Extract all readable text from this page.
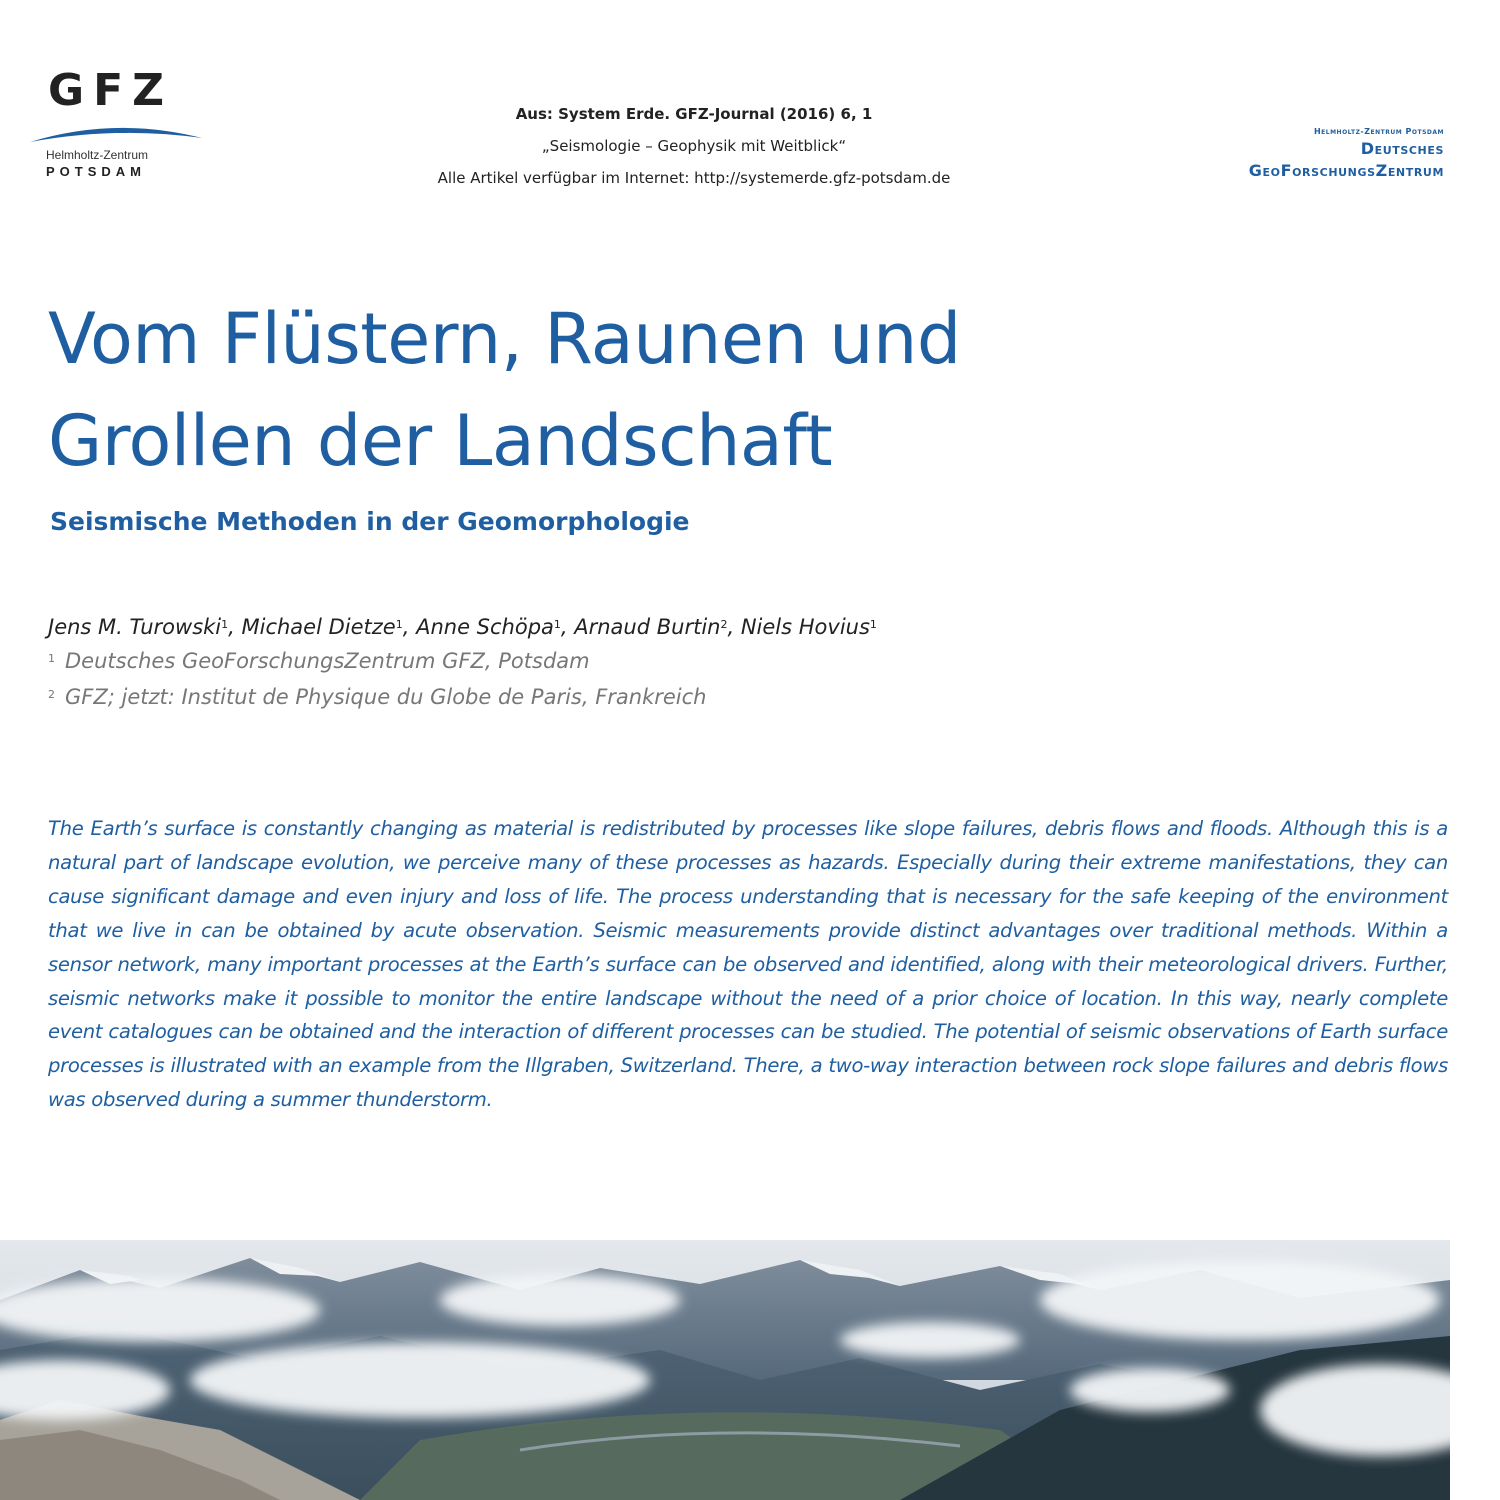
GFZ
Helmholtz-Zentrum
POTSDAM
Aus: System Erde. GFZ-Journal (2016) 6, 1
„Seismologie – Geophysik mit Weitblick“
Alle Artikel verfügbar im Internet: http://systemerde.gfz-potsdam.de
Helmholtz-Zentrum Potsdam
Deutsches
GeoForschungsZentrum
Vom Flüstern, Raunen und
Grollen der Landschaft
Seismische Methoden in der Geomorphologie
Jens M. Turowski$^1$, Michael Dietze$^1$, Anne Schöpa$^1$, Arnaud Burtin$^2$, Niels Hovius$^1$
$^1$ Deutsches GeoForschungsZentrum GFZ, Potsdam
$^2$ GFZ; jetzt: Institut de Physique du Globe de Paris, Frankreich

The Earth’s surface is constantly changing as material is redistributed by processes like slope failures, debris flows and floods. Although this is a natural part of landscape evolution, we perceive many of these processes as hazards. Especially during their extreme manifestations, they can cause significant damage and even injury and loss of life. The process understanding that is necessary for the safe keeping of the environment that we live in can be obtained by acute observation. Seismic measurements provide distinct advantages over traditional methods. Within a sensor network, many important processes at the Earth’s surface can be observed and identified, along with their meteorological drivers. Further, seismic networks make it possible to monitor the entire landscape without the need of a prior choice of location. In this way, nearly complete event catalogues can be obtained and the interaction of different processes can be studied. The potential of seismic observations of Earth surface processes is illustrated with an example from the Illgraben, Switzerland. There, a two-way interaction between rock slope failures and debris flows was observed during a summer thunderstorm.
